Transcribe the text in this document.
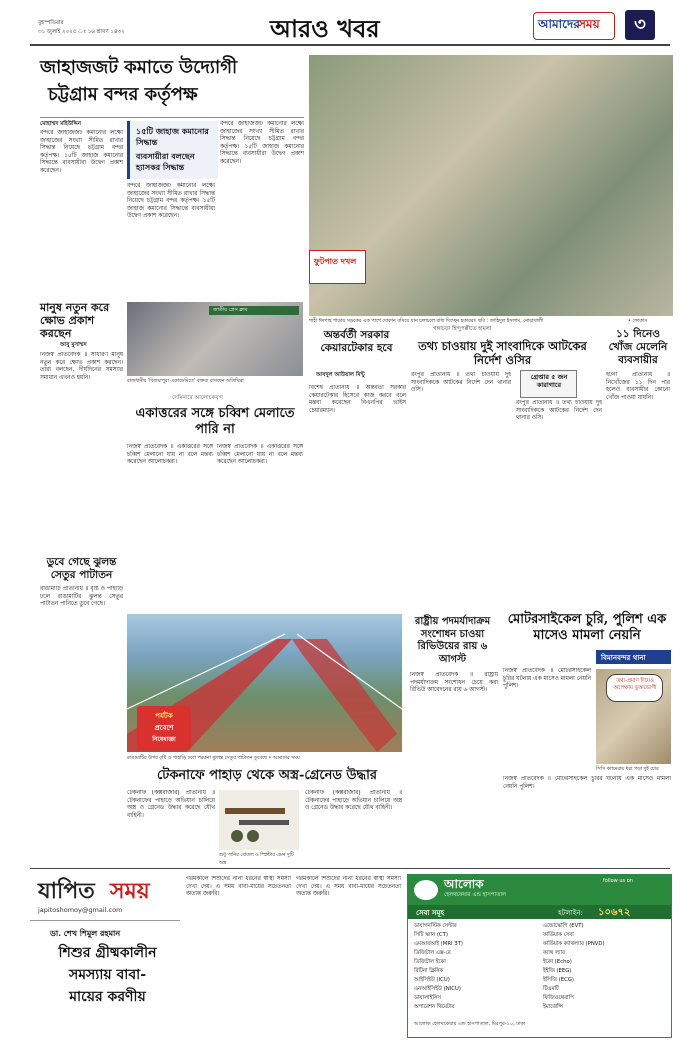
বুহস্পতিবার
৩১ জুলাই ২০২৫ ঃ ১৬ শ্রাবণ ১৪৩২	আরও খবর	আমাদের
সময়	৩
জাহাজজট কমাতে উদ্যোগী
চট্টগ্রাম বন্দর কর্তৃপক্ষ
মোহাম্মদ মহিউদ্দিন
বন্দরে জাহাজজট কমানোর লক্ষ্যে জাহাজের সংখ্যা সীমিত রাখার সিদ্ধান্ত নিয়েছে চট্টগ্রাম বন্দর কর্তৃপক্ষ। ১৫টি জাহাজ কমানোর সিদ্ধান্তে ব্যবসায়ীরা উদ্বেগ প্রকাশ করেছেন।
১৫টি জাহাজ কমানোর সিদ্ধান্ত
ব্যবসায়ীরা বলছেন হ্যাসকর সিদ্ধান্ত
বন্দরে জাহাজজট কমানোর লক্ষ্যে জাহাজের সংখ্যা সীমিত রাখার সিদ্ধান্ত নিয়েছে চট্টগ্রাম বন্দর কর্তৃপক্ষ। ১৫টি জাহাজ কমানোর সিদ্ধান্তে ব্যবসায়ীরা উদ্বেগ প্রকাশ করেছেন।
বন্দরে জাহাজজট কমানোর লক্ষ্যে জাহাজের সংখ্যা সীমিত রাখার সিদ্ধান্ত নিয়েছে চট্টগ্রাম বন্দর কর্তৃপক্ষ। ১৫টি জাহাজ কমানোর সিদ্ধান্তে ব্যবসায়ীরা উদ্বেগ প্রকাশ করেছেন।
ফুটপাত দখল
শাহী ঈদগাহ পাড়ায় সড়কের এক পাশে দোকান বসিয়ে যান চলাচলে বাধা দিচ্ছেন হকাররা। ছবি : জাহিদুল ইসলাম, নোয়াখালী	• ফোকাস
মানুষ নতুন করে ক্ষোভ প্রকাশ করছেন
আবু মুসাম্মদ
নিজস্ব প্রতিবেদক ॥ সাধারণ মানুষ নতুন করে ক্ষোভ প্রকাশ করছেন। তারা বলছেন, দীর্ঘদিনের সমস্যার সমাধান এখনও হয়নি।
জাতীয় প্রেস ক্লাব
রাজধানীর 'বিজয়াপুরা একাডেমিতে' বক্তব্য রাখছেন অতিথিরা
সেমিনারে আলোচকবৃন্দ
একাত্তরের সঙ্গে চব্বিশ মেলাতে পারি না
নিজস্ব প্রতিবেদক ॥ একাত্তরের সঙ্গে চব্বিশ মেলানো যায় না বলে মন্তব্য করেছেন আলোচকরা।
নিজস্ব প্রতিবেদক ॥ একাত্তরের সঙ্গে চব্বিশ মেলানো যায় না বলে মন্তব্য করেছেন আলোচকরা।
অন্তর্বর্তী সরকার কেয়ারটেকার হবে
আবদুল আউয়াল মিন্টু
বিশেষ প্রতিনিধি ॥ অন্তর্বর্তী সরকার কেয়ারটেকার হিসেবে কাজ করবে বলে মন্তব্য করেছেন বিএনপির ভাইস চেয়ারম্যান।
গঙ্গাচড়া হিন্দুপল্লীতে হামলা
তথ্য চাওয়ায় দুই সাংবাদিকে আটকের নির্দেশ ওসির
গ্রেপ্তার ৫ জন কারাগারে
রংপুর প্রতিনিধি ॥ তথ্য চাওয়ায় দুই সাংবাদিককে আটকের নির্দেশ দেন থানার ওসি।
রংপুর প্রতিনিধি ॥ তথ্য চাওয়ায় দুই সাংবাদিককে আটকের নির্দেশ দেন থানার ওসি।
১১ দিনেও খোঁজ মেলেনি ব্যবসায়ীর
ইটনা প্রতিনিধি ॥ নিখোঁজের ১১ দিন পার হলেও ব্যবসায়ীর কোনো খোঁজ পাওয়া যায়নি।
ডুবে গেছে ঝুলন্ত সেতুর পাটাতন
রাঙামাটি প্রতিনিধি ॥ বৃষ্টি ও পাহাড়ি ঢলে রাঙামাটির ঝুলন্ত সেতুর পাটাতন পানিতে ডুবে গেছে।
পর্যটক
প্রবেশে
নিষেধাজ্ঞা
রাঙামাটির উপর বৃষ্টি ও পাহাড়ি ঢলে পরকনা ঝুলন্ত সেতুর পাটাতন ডুবেছে • আমাদের সময়
রাষ্ট্রীয় পদমর্যাদাক্রম সংশোধন চাওয়া রিভিউয়ের রায় ৬ আগস্ট
নিজস্ব প্রতিবেদক ॥ রাষ্ট্রীয় পদমর্যাদাক্রম সংশোধন চেয়ে করা রিভিউ আবেদনের রায় ৬ আগস্ট।
মোটরসাইকেল চুরি, পুলিশ এক মাসেও মামলা নেয়নি
বিমানবন্দর থানা
নিজস্ব প্রতিবেদক ॥ মোটরসাইকেল চুরির ঘটনায় এক মাসেও মামলা নেয়নি পুলিশ।
তথ্য-প্রমাণ দিয়েও অপেক্ষায় ভুক্তভোগী
সিসি ক্যামেরায় ধরা পড়া দুই চোর
নিজস্ব প্রতিবেদক ॥ মোটরসাইকেল চুরির ঘটনায় এক মাসেও মামলা নেয়নি পুলিশ।
টেকনাফে পাহাড় থেকে অস্ত্র-গ্রেনেড উদ্ধার
টেকনাফ (কক্সবাজার) প্রতিনিধি ॥ টেকনাফের পাহাড়ে অভিযান চালিয়ে অস্ত্র ও গ্রেনেড উদ্ধার করেছে যৌথ বাহিনী।
শুধু পানির বোতল ও স্প্লিন্টার এমন দুটি অস্ত্র
টেকনাফ (কক্সবাজার) প্রতিনিধি ॥ টেকনাফের পাহাড়ে অভিযান চালিয়ে অস্ত্র ও গ্রেনেড উদ্ধার করেছে যৌথ বাহিনী।
যাপিত সময়
japitoshomoy@gmail.com
ডা. শেখ শিমুল রহমান
শিশুর গ্রীষ্মকালীন
সমস্যায় বাবা-
মায়ের করণীয়
গরমকালে শিশুদের নানা ধরনের স্বাস্থ্য সমস্যা দেখা দেয়। এ সময় বাবা-মায়ের সচেতনতা অত্যন্ত জরুরি।
গরমকালে শিশুদের নানা ধরনের স্বাস্থ্য সমস্যা দেখা দেয়। এ সময় বাবা-মায়ের সচেতনতা অত্যন্ত জরুরি।
আলোক
হেলথকেয়ার এন্ড হাসপাতাল
follow us on
সেবা সমূহ	হটলাইন: ১০৬৭২
ডায়াগনস্টিক সেন্টার
সিটি স্ক্যান (CT)
এমআরআই (MRI 3T)
ডিজিটাল এক্স-রে
ডিজিটাল ইকো
রিটিনা ক্লিনিক
আইসিইউ (ICU)
এনআইসিইউ (NICU)
ডায়ালাইসিস
অপারেশন থিয়েটার
এন্ডোস্কোপি (EVT)
কার্ডিয়াক সেবা
কার্ডিয়াক ক্যাথল্যাব (PNVD)
ক্যাথ ল্যাব
ইকো (Echo)
ইইজি (EEG)
ইসিজি (ECG)
টিএমটি
ফিজিওথেরাপি
ইমার্জেন্সি
আলোক হেলথকেয়ার এন্ড হাসপাতাল, মিরপুর-১০, ঢাকা
